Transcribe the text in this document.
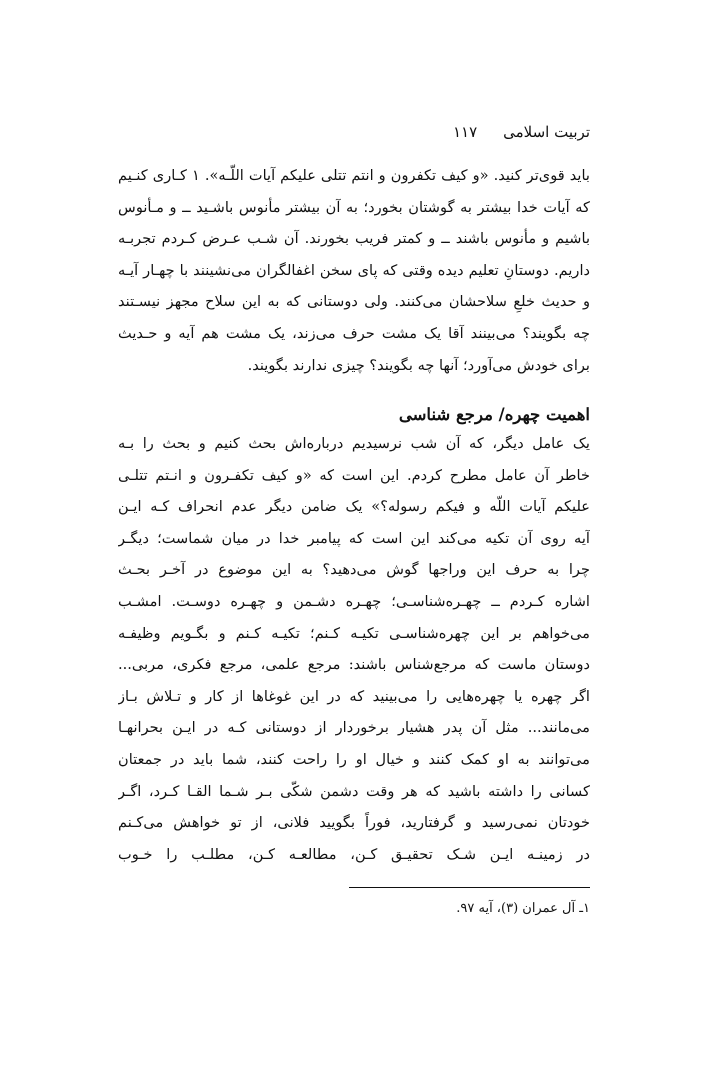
تربیت اسلامی
۱۱۷
باید قوی‌تر کنید. «و کیف تکفرون و انتم تتلی علیکم آیات اللّـه». ۱ کـاری کنـیم
که آیات خدا بیشتر به گوشتان بخورد؛ به آن بیشتر مأنوس باشـید ــ و مـأنوس
باشیم و مأنوس باشند ــ و کمتر فریب بخورند. آن شـب عـرض کـردم تجربـه
داریم. دوستانِ تعلیم دیده وقتی که پای سخن اغفالگران می‌نشینند با چهـار آیـه
و حدیث خلعِ سلاحشان می‌کنند. ولی دوستانی که به این سلاح مجهز نیسـتند
چه بگویند؟ می‌بینند آقا یک مشت حرف می‌زند، یک مشت هم آیه و حـدیث
برای خودش می‌آورد؛ آنها چه بگویند؟ چیزی ندارند بگویند.
اهمیت چهره/ مرجع شناسی
یک عامل دیگر، که آن شب نرسیدیم درباره‌اش بحث کنیم و بحث را بـه
خاطر آن عامل مطرح کردم. این است که «و کیف تکفـرون و انـتم تتلـی
علیکم آیات اللّه و فیکم رسوله؟» یک ضامن دیگر عدم انحراف کـه ایـن
آیه روی آن تکیه می‌کند این است که پیامبر خدا در میان شماست؛ دیگـر
چرا به حرف این وراجها گوش می‌دهید؟ به این موضوع در آخـر بحـث
اشاره کـردم ــ چهـره‌شناسـی؛ چهـره دشـمن و چهـره دوسـت. امشـب
می‌خواهم بر این چهره‌شناسـی تکیـه کـنم؛ تکیـه کـنم و بگـویم وظیفـه
دوستان ماست که مرجع‌شناس باشند: مرجع علمی، مرجع فکری، مربی...
اگر چهره یا چهره‌هایی را می‌بینید که در این غوغاها از کار و تـلاش بـاز
می‌مانند... مثل آن پدر هشیار برخوردار از دوستانی کـه در ایـن بحرانهـا
می‌توانند به او کمک کنند و خیال او را راحت کنند، شما باید در جمعتان
کسانی را داشته باشید که هر وقت دشمن شکّی بـر شـما القـا کـرد، اگـر
خودتان نمی‌رسید و گرفتارید، فوراً بگویید فلانی، از تو خواهش می‌کـنم
در زمینـه ایـن شـک تحقیـق کـن، مطالعـه کـن، مطلـب را خـوب

۱ـ آل عمران (۳)، آیه ۹۷.
